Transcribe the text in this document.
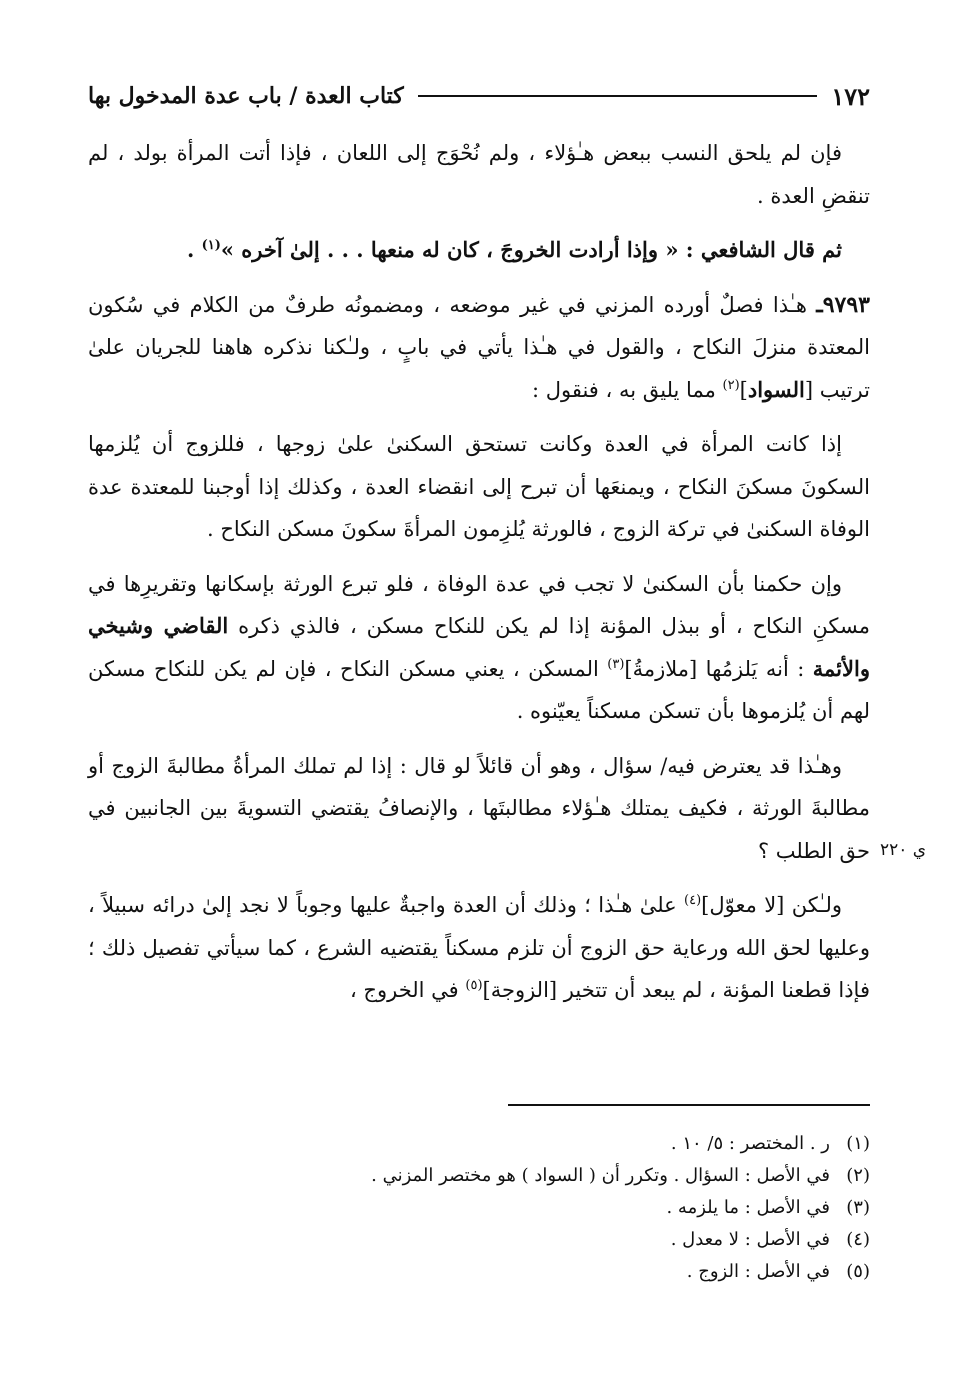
١٧٢
كتاب العدة / باب عدة المدخول بها

فإن لم يلحق النسب ببعض هـٰؤلاء ، ولم نُحْوَج إلى اللعان ، فإذا أتت المرأة بولد ، لم تنقضِ العدة .

ثم قال الشافعي : « وإذا أرادت الخروجَ ، كان له منعها . . . إلىٰ آخره »$^{(١)}$ .

٩٧٩٣ـ هـٰذا فصلٌ أورده المزني في غير موضعه ، ومضمونُه طرفٌ من الكلام في سُكون المعتدة منزلَ النكاح ، والقول في هـٰذا يأتي في بابٍ ، ولـٰكنا نذكره هاهنا للجريان علىٰ ترتيب [السواد]$^{(٢)}$ مما يليق به ، فنقول :

إذا كانت المرأة في العدة وكانت تستحق السكنىٰ علىٰ زوجها ، فللزوج أن يُلزمها السكونَ مسكنَ النكاح ، ويمنعَها أن تبرح إلى انقضاء العدة ، وكذلك إذا أوجبنا للمعتدة عدة الوفاة السكنىٰ في تركة الزوج ، فالورثة يُلزِمون المرأةَ سكونَ مسكن النكاح .

وإن حكمنا بأن السكنىٰ لا تجب في عدة الوفاة ، فلو تبرع الورثة بإسكانها وتقريرِها في مسكنِ النكاح ، أو ببذل المؤنة إذا لم يكن للنكاح مسكن ، فالذي ذكره القاضي وشيخي والأئمة : أنه يَلزمُها [ملازمةُ]$^{(٣)}$ المسكن ، يعني مسكن النكاح ، فإن لم يكن للنكاح مسكن لهم أن يُلزموها بأن تسكن مسكناً يعيّنوه .

وهـٰذا قد يعترض فيه/ سؤال ، وهو أن قائلاً لو قال : إذا لم تملك المرأةُ مطالبةَ الزوج أو مطالبةَ الورثة ، فكيف يمتلك هـٰؤلاء مطالبتَها ، والإنصافُ يقتضي التسويةَ بين الجانبين في حق الطلب ؟

ولـٰكن [لا معوّل]$^{(٤)}$ علىٰ هـٰذا ؛ وذلك أن العدة واجبةٌ عليها وجوباً لا نجد إلىٰ درائه سبيلاً ، وعليها لحق الله ورعاية حق الزوج أن تلزم مسكناً يقتضيه الشرع ، كما سيأتي تفصيل ذلك ؛ فإذا قطعنا المؤنة ، لم يبعد أن تتخير [الزوجة]$^{(٥)}$ في الخروج ،

ي ٢٢٠
(١)
ر . المختصر : ٥/ ١٠ .
(٢)
في الأصل : السؤال . وتكرر أن ( السواد ) هو مختصر المزني .
(٣)
في الأصل : ما يلزمه .
(٤)
في الأصل : لا معدل .
(٥)
في الأصل : الزوج .
